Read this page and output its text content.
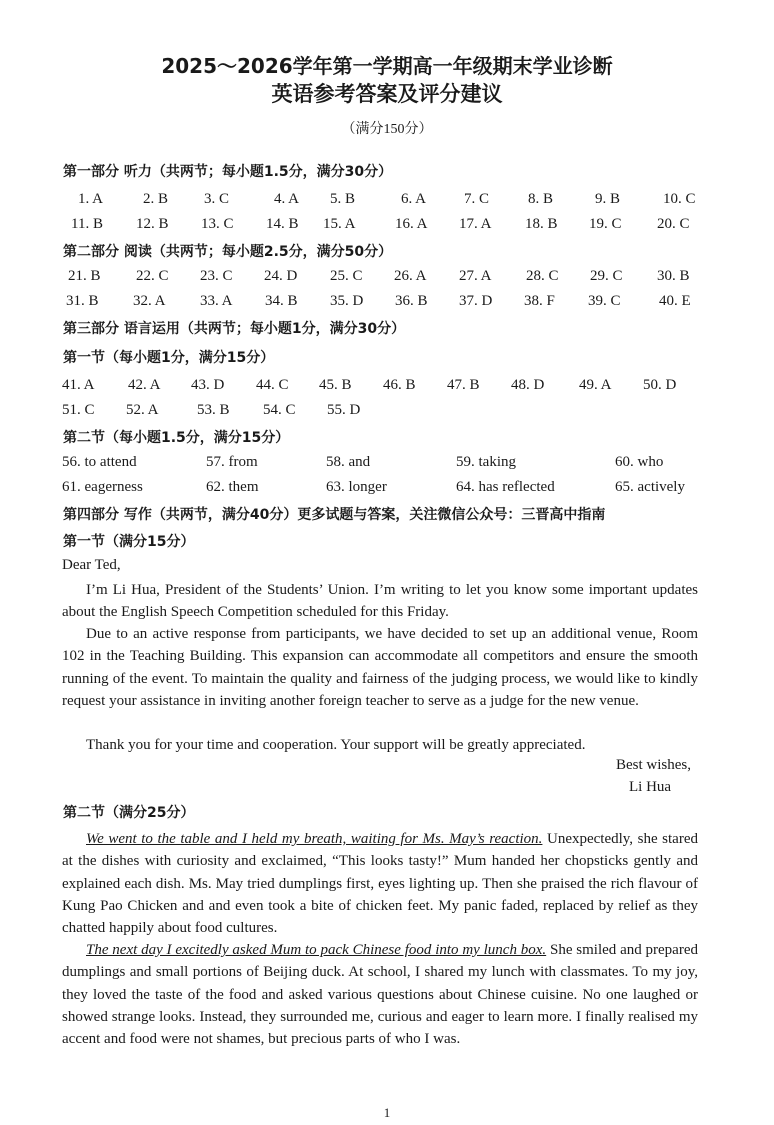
2025～2026学年第一学期高一年级期末学业诊断
英语参考答案及评分建议
（满分150分）
第一部分 听力（共两节；每小题1.5分，满分30分）
1. A	2. B 3. C	4. A 5. B	6. A	7. C	8. B	9. B	10. C
11. B 12. B 13. C 14. B 15. A	16. A 17. A 18. B 19. C 20. C
第二部分 阅读（共两节；每小题2.5分，满分50分）
21. B 22. C 23. C 24. D 25. C 26. A 27. A 28. C 29. C 30. B
31. B 32. A 33. A 34. B 35. D 36. B 37. D 38. F 39. C	40. E
第三部分 语言运用（共两节；每小题1分，满分30分）
第一节（每小题1分，满分15分）
41. A 42. A 43. D 44. C 45. B 46. B 47. B 48. D 49. A 50. D
51. C 52. A	53. B 54. C 55. D
第二节（每小题1.5分，满分15分）
56. to attend	57. from	58. and	59. taking	60. who
61. eagerness	62. them	63. longer	64. has reflected	65. actively
第四部分 写作（共两节，满分40分）更多试题与答案，关注微信公众号：三晋高中指南
第一节（满分15分）
Dear Ted,
I’m Li Hua, President of the Students’ Union. I’m writing to let you know some important updates about the English Speech Competition scheduled for this Friday.
Due to an active response from participants, we have decided to set up an additional venue, Room 102 in the Teaching Building. This expansion can accommodate all competitors and ensure the smooth running of the event. To maintain the quality and fairness of the judging process, we would like to kindly request your assistance in inviting another foreign teacher to serve as a judge for the new venue.
Thank you for your time and cooperation. Your support will be greatly appreciated.
Best wishes,
Li Hua
第二节（满分25分）
We went to the table and I held my breath, waiting for Ms. May’s reaction. Unexpectedly, she stared at the dishes with curiosity and exclaimed, “This looks tasty!” Mum handed her chopsticks gently and explained each dish. Ms. May tried dumplings first, eyes lighting up. Then she praised the rich flavour of Kung Pao Chicken and and even took a bite of chicken feet. My panic faded, replaced by relief as they chatted happily about food cultures.
The next day I excitedly asked Mum to pack Chinese food into my lunch box. She smiled and prepared dumplings and small portions of Beijing duck. At school, I shared my lunch with classmates. To my joy, they loved the taste of the food and asked various questions about Chinese cuisine. No one laughed or showed strange looks. Instead, they surrounded me, curious and eager to learn more. I finally realised my accent and food were not shames, but precious parts of who I was.
1
